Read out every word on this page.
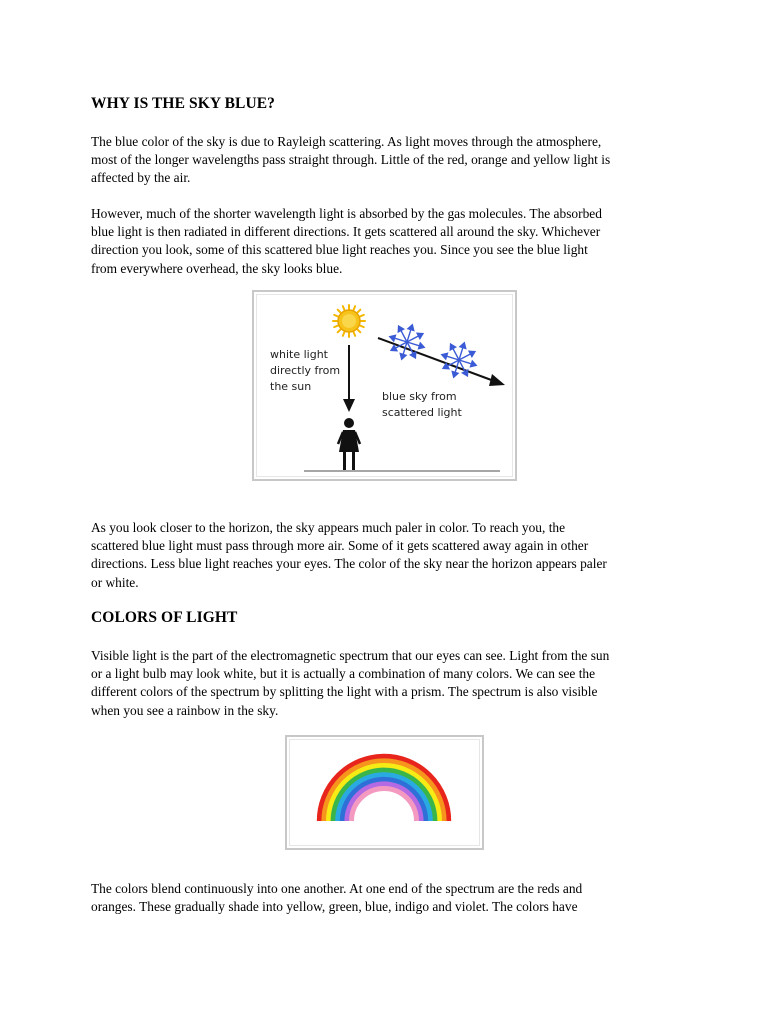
WHY IS THE SKY BLUE?

The blue color of the sky is due to Rayleigh scattering. As light moves through the atmosphere,
most of the longer wavelengths pass straight through. Little of the red, orange and yellow light is
affected by the air.

However, much of the shorter wavelength light is absorbed by the gas molecules. The absorbed
blue light is then radiated in different directions. It gets scattered all around the sky. Whichever
direction you look, some of this scattered blue light reaches you. Since you see the blue light
from everywhere overhead, the sky looks blue.

white light directly from the sun
blue sky from scattered light

As you look closer to the horizon, the sky appears much paler in color. To reach you, the
scattered blue light must pass through more air. Some of it gets scattered away again in other
directions. Less blue light reaches your eyes. The color of the sky near the horizon appears paler
or white.

COLORS OF LIGHT

Visible light is the part of the electromagnetic spectrum that our eyes can see. Light from the sun
or a light bulb may look white, but it is actually a combination of many colors. We can see the
different colors of the spectrum by splitting the light with a prism. The spectrum is also visible
when you see a rainbow in the sky.

The colors blend continuously into one another. At one end of the spectrum are the reds and
oranges. These gradually shade into yellow, green, blue, indigo and violet. The colors have
